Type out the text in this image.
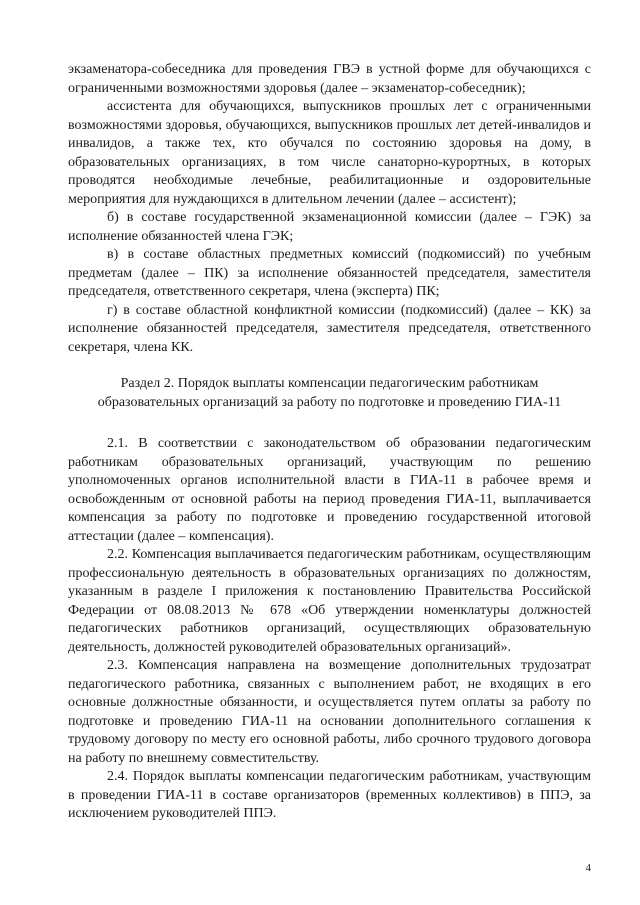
экзаменатора-собеседника для проведения ГВЭ в устной форме для обучающихся с ограниченными возможностями здоровья (далее – экзаменатор-собеседник);

ассистента для обучающихся, выпускников прошлых лет с ограниченными возможностями здоровья, обучающихся, выпускников прошлых лет детей-инвалидов и инвалидов, а также тех, кто обучался по состоянию здоровья на дому, в образовательных организациях, в том числе санаторно-курортных, в которых проводятся необходимые лечебные, реабилитационные и оздоровительные мероприятия для нуждающихся в длительном лечении (далее – ассистент);

б) в составе государственной экзаменационной комиссии (далее – ГЭК) за исполнение обязанностей члена ГЭК;

в) в составе областных предметных комиссий (подкомиссий) по учебным предметам (далее – ПК) за исполнение обязанностей председателя, заместителя председателя, ответственного секретаря, члена (эксперта) ПК;

г) в составе областной конфликтной комиссии (подкомиссий) (далее – КК) за исполнение обязанностей председателя, заместителя председателя, ответственного секретаря, члена КК.

Раздел 2. Порядок выплаты компенсации педагогическим работникам
образовательных организаций за работу по подготовке и проведению ГИА-11

2.1. В соответствии с законодательством об образовании педагогическим работникам образовательных организаций, участвующим по решению уполномоченных органов исполнительной власти в ГИА-11 в рабочее время и освобожденным от основной работы на период проведения ГИА-11, выплачивается компенсация за работу по подготовке и проведению государственной итоговой аттестации (далее – компенсация).

2.2. Компенсация выплачивается педагогическим работникам, осуществляющим профессиональную деятельность в образовательных организациях по должностям, указанным в разделе I приложения к постановлению Правительства Российской Федерации от 08.08.2013 № 678 «Об утверждении номенклатуры должностей педагогических работников организаций, осуществляющих образовательную деятельность, должностей руководителей образовательных организаций».

2.3. Компенсация направлена на возмещение дополнительных трудозатрат педагогического работника, связанных с выполнением работ, не входящих в его основные должностные обязанности, и осуществляется путем оплаты за работу по подготовке и проведению ГИА-11 на основании дополнительного соглашения к трудовому договору по месту его основной работы, либо срочного трудового договора на работу по внешнему совместительству.

2.4. Порядок выплаты компенсации педагогическим работникам, участвующим в проведении ГИА-11 в составе организаторов (временных коллективов) в ППЭ, за исключением руководителей ППЭ.

4
